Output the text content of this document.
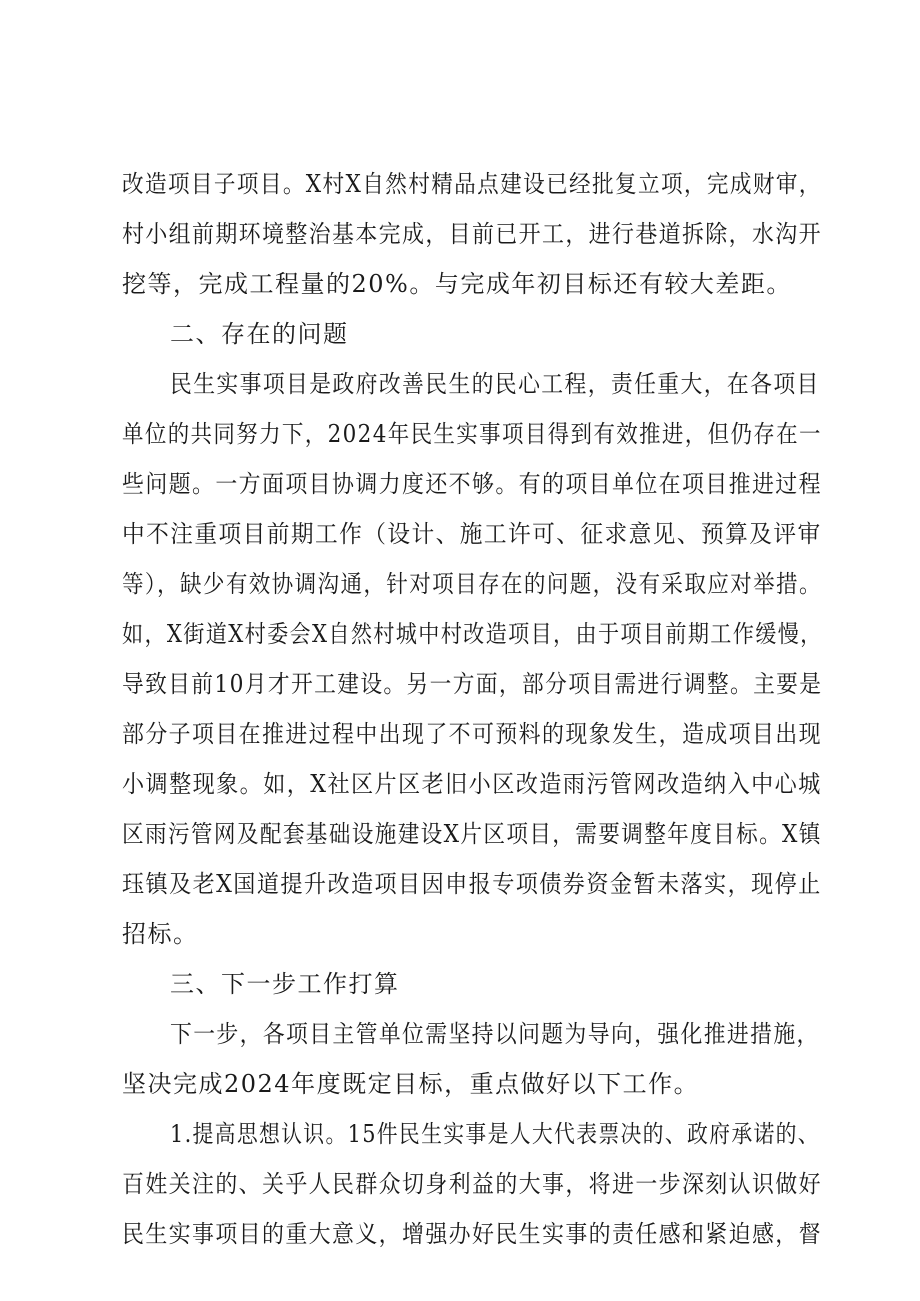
改造项目子项目。X村X自然村精品点建设已经批复立项，完成财审，
村小组前期环境整治基本完成，目前已开工，进行巷道拆除，水沟开
挖等，完成工程量的20%。与完成年初目标还有较大差距。
二、存在的问题
民生实事项目是政府改善民生的民心工程，责任重大，在各项目
单位的共同努力下，2024年民生实事项目得到有效推进，但仍存在一
些问题。一方面项目协调力度还不够。有的项目单位在项目推进过程
中不注重项目前期工作（设计、施工许可、征求意见、预算及评审
等），缺少有效协调沟通，针对项目存在的问题，没有采取应对举措。
如，X街道X村委会X自然村城中村改造项目，由于项目前期工作缓慢，
导致目前10月才开工建设。另一方面，部分项目需进行调整。主要是
部分子项目在推进过程中出现了不可预料的现象发生，造成项目出现
小调整现象。如，X社区片区老旧小区改造雨污管网改造纳入中心城
区雨污管网及配套基础设施建设X片区项目，需要调整年度目标。X镇
珏镇及老X国道提升改造项目因申报专项债券资金暂未落实，现停止
招标。
三、下一步工作打算
下一步，各项目主管单位需坚持以问题为导向，强化推进措施，
坚决完成2024年度既定目标，重点做好以下工作。
1.提高思想认识。15件民生实事是人大代表票决的、政府承诺的、
百姓关注的、关乎人民群众切身利益的大事，将进一步深刻认识做好
民生实事项目的重大意义，增强办好民生实事的责任感和紧迫感，督
